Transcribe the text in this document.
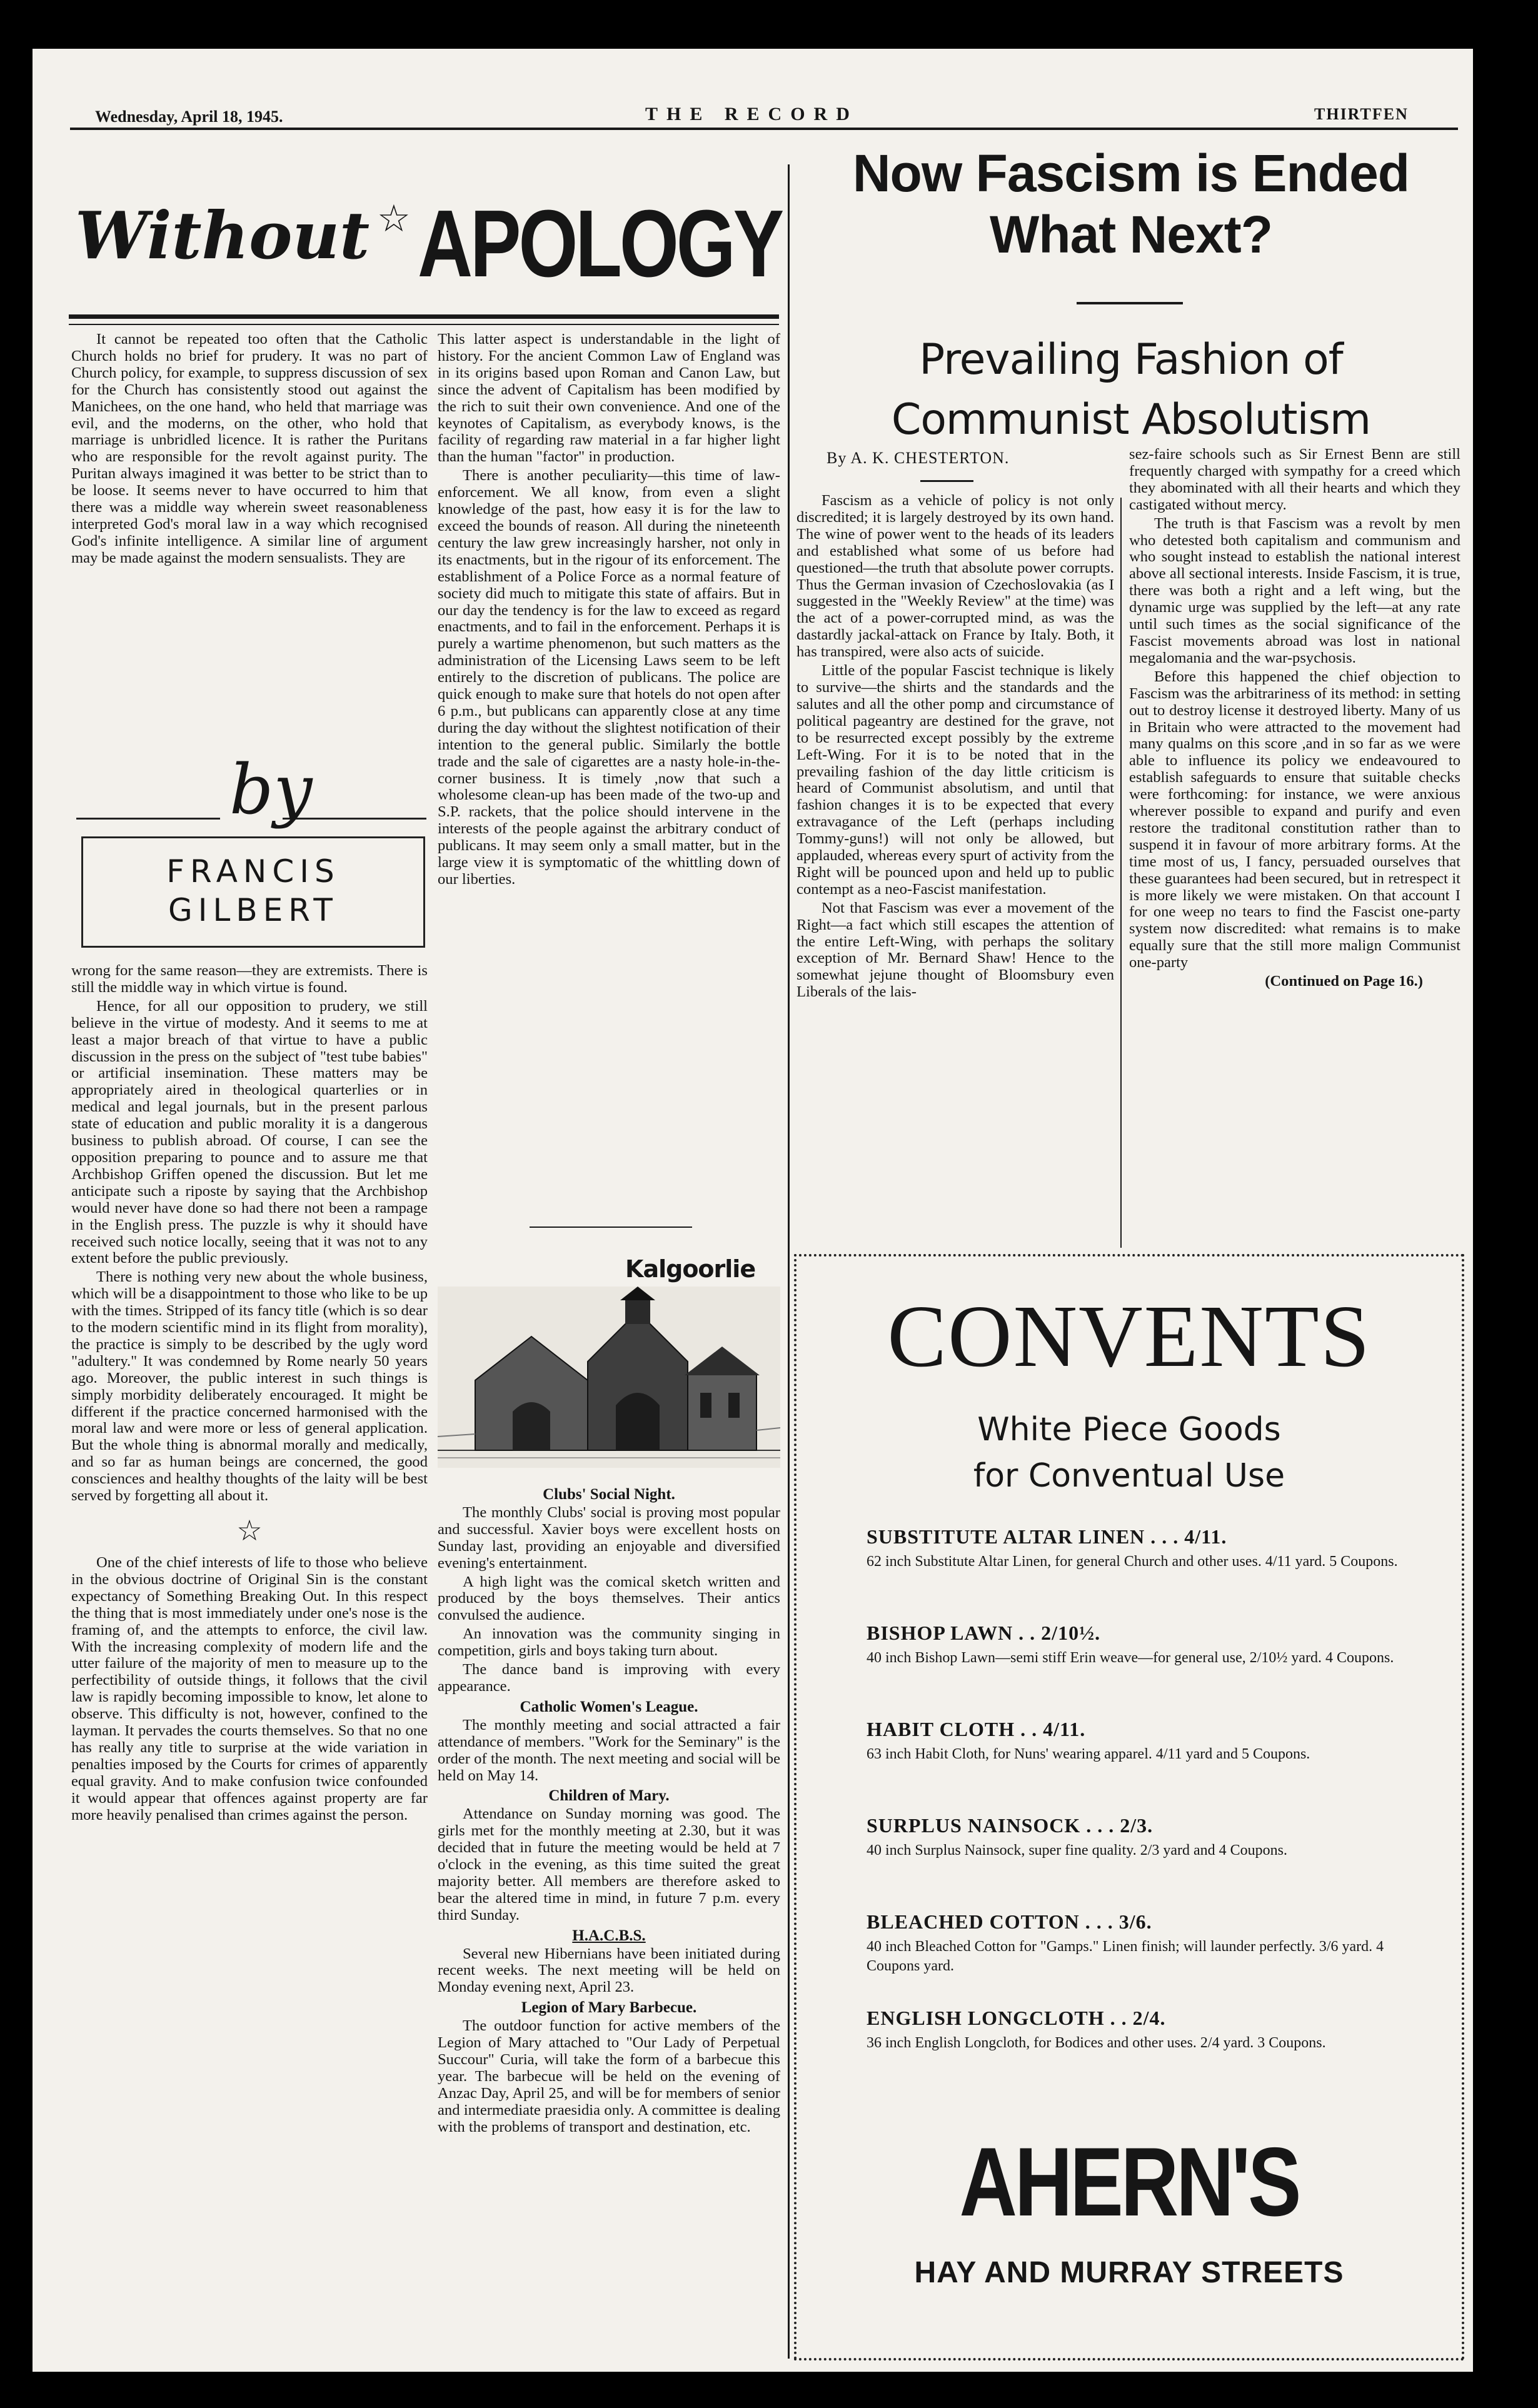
Wednesday, April 18, 1945.	THE RECORD	THIRTFEN
Without ☆ APOLOGY

It cannot be repeated too often that the Catholic Church holds no brief for prudery. It was no part of Church policy, for example, to suppress discussion of sex for the Church has consistently stood out against the Manichees, on the one hand, who held that marriage was evil, and the moderns, on the other, who hold that marriage is unbridled licence. It is rather the Puritans who are responsible for the revolt against purity. The Puritan always imagined it was better to be strict than to be loose. It seems never to have occurred to him that there was a middle way wherein sweet reasonableness interpreted God's moral law in a way which recognised God's infinite intelligence. A similar line of argument may be made against the modern sensualists. They are

by
FRANCIS
GILBERT

wrong for the same reason—they are extremists. There is still the middle way in which virtue is found.

Hence, for all our opposition to prudery, we still believe in the virtue of modesty. And it seems to me at least a major breach of that virtue to have a public discussion in the press on the subject of "test tube babies" or artificial insemination. These matters may be appropriately aired in theological quarterlies or in medical and legal journals, but in the present parlous state of education and public morality it is a dangerous business to publish abroad. Of course, I can see the opposition preparing to pounce and to assure me that Archbishop Griffen opened the discussion. But let me anticipate such a riposte by saying that the Archbishop would never have done so had there not been a rampage in the English press. The puzzle is why it should have received such notice locally, seeing that it was not to any extent before the public previously.

There is nothing very new about the whole business, which will be a disappointment to those who like to be up with the times. Stripped of its fancy title (which is so dear to the modern scientific mind in its flight from morality), the practice is simply to be described by the ugly word "adultery." It was condemned by Rome nearly 50 years ago. Moreover, the public interest in such things is simply morbidity deliberately encouraged. It might be different if the practice concerned harmonised with the moral law and were more or less of general application. But the whole thing is abnormal morally and medically, and so far as human beings are concerned, the good consciences and healthy thoughts of the laity will be best served by forgetting all about it.

☆

One of the chief interests of life to those who believe in the obvious doctrine of Original Sin is the constant expectancy of Something Breaking Out. In this respect the thing that is most immediately under one's nose is the framing of, and the attempts to enforce, the civil law. With the increasing complexity of modern life and the utter failure of the majority of men to measure up to the perfectibility of outside things, it follows that the civil law is rapidly becoming impossible to know, let alone to observe. This difficulty is not, however, confined to the layman. It pervades the courts themselves. So that no one has really any title to surprise at the wide variation in penalties imposed by the Courts for crimes of apparently equal gravity. And to make confusion twice confounded it would appear that offences against property are far more heavily penalised than crimes against the person.

This latter aspect is understandable in the light of history. For the ancient Common Law of England was in its origins based upon Roman and Canon Law, but since the advent of Capitalism has been modified by the rich to suit their own convenience. And one of the keynotes of Capitalism, as everybody knows, is the facility of regarding raw material in a far higher light than the human "factor" in production.

There is another peculiarity—this time of law-enforcement. We all know, from even a slight knowledge of the past, how easy it is for the law to exceed the bounds of reason. All during the nineteenth century the law grew increasingly harsher, not only in its enactments, but in the rigour of its enforcement. The establishment of a Police Force as a normal feature of society did much to mitigate this state of affairs. But in our day the tendency is for the law to exceed as regard enactments, and to fail in the enforcement. Perhaps it is purely a wartime phenomenon, but such matters as the administration of the Licensing Laws seem to be left entirely to the discretion of publicans. The police are quick enough to make sure that hotels do not open after 6 p.m., but publicans can apparently close at any time during the day without the slightest notification of their intention to the general public. Similarly the bottle trade and the sale of cigarettes are a nasty hole-in-the-corner business. It is timely ,now that such a wholesome clean-up has been made of the two-up and S.P. rackets, that the police should intervene in the interests of the people against the arbitrary conduct of publicans. It may seem only a small matter, but in the large view it is symptomatic of the whittling down of our liberties.

Kalgoorlie
Clubs' Social Night.

The monthly Clubs' social is proving most popular and successful. Xavier boys were excellent hosts on Sunday last, providing an enjoyable and diversified evening's entertainment.

A high light was the comical sketch written and produced by the boys themselves. Their antics convulsed the audience.

An innovation was the community singing in competition, girls and boys taking turn about.

The dance band is improving with every appearance.

Catholic Women's League.

The monthly meeting and social attracted a fair attendance of members. "Work for the Seminary" is the order of the month. The next meeting and social will be held on May 14.

Children of Mary.

Attendance on Sunday morning was good. The girls met for the monthly meeting at 2.30, but it was decided that in future the meeting would be held at 7 o'clock in the evening, as this time suited the great majority better. All members are therefore asked to bear the altered time in mind, in future 7 p.m. every third Sunday.

H.A.C.B.S.

Several new Hibernians have been initiated during recent weeks. The next meeting will be held on Monday evening next, April 23.

Legion of Mary Barbecue.

The outdoor function for active members of the Legion of Mary attached to "Our Lady of Perpetual Succour" Curia, will take the form of a barbecue this year. The barbecue will be held on the evening of Anzac Day, April 25, and will be for members of senior and intermediate praesidia only. A committee is dealing with the problems of transport and destination, etc.

Now Fascism is Ended
What Next?
Prevailing Fashion of
Communist Absolutism
By A. K. CHESTERTON.

Fascism as a vehicle of policy is not only discredited; it is largely destroyed by its own hand. The wine of power went to the heads of its leaders and established what some of us before had questioned—the truth that absolute power corrupts. Thus the German invasion of Czechoslovakia (as I suggested in the "Weekly Review" at the time) was the act of a power-corrupted mind, as was the dastardly jackal-attack on France by Italy. Both, it has transpired, were also acts of suicide.

Little of the popular Fascist technique is likely to survive—the shirts and the standards and the salutes and all the other pomp and circumstance of political pageantry are destined for the grave, not to be resurrected except possibly by the extreme Left-Wing. For it is to be noted that in the prevailing fashion of the day little criticism is heard of Communist absolutism, and until that fashion changes it is to be expected that every extravagance of the Left (perhaps including Tommy-guns!) will not only be allowed, but applauded, whereas every spurt of activity from the Right will be pounced upon and held up to public contempt as a neo-Fascist manifestation.

Not that Fascism was ever a movement of the Right—a fact which still escapes the attention of the entire Left-Wing, with perhaps the solitary exception of Mr. Bernard Shaw! Hence to the somewhat jejune thought of Bloomsbury even Liberals of the lais-

sez-faire schools such as Sir Ernest Benn are still frequently charged with sympathy for a creed which they abominated with all their hearts and which they castigated without mercy.

The truth is that Fascism was a revolt by men who detested both capitalism and communism and who sought instead to establish the national interest above all sectional interests. Inside Fascism, it is true, there was both a right and a left wing, but the dynamic urge was supplied by the left—at any rate until such times as the social significance of the Fascist movements abroad was lost in national megalomania and the war-psychosis.

Before this happened the chief objection to Fascism was the arbitrariness of its method: in setting out to destroy license it destroyed liberty. Many of us in Britain who were attracted to the movement had many qualms on this score ,and in so far as we were able to influence its policy we endeavoured to establish safeguards to ensure that suitable checks were forthcoming: for instance, we were anxious wherever possible to expand and purify and even restore the traditonal constitution rather than to suspend it in favour of more arbitrary forms. At the time most of us, I fancy, persuaded ourselves that these guarantees had been secured, but in retrespect it is more likely we were mistaken. On that account I for one weep no tears to find the Fascist one-party system now discredited: what remains is to make equally sure that the still more malign Communist one-party

(Continued on Page 16.)
CONVENTS
White Piece Goods
for Conventual Use
SUBSTITUTE ALTAR LINEN . . . 4/11.
62 inch Substitute Altar Linen, for general Church and other uses. 4/11 yard. 5 Coupons.
BISHOP LAWN . . 2/10½.
40 inch Bishop Lawn—semi stiff Erin weave—for general use, 2/10½ yard. 4 Coupons.
HABIT CLOTH . . 4/11.
63 inch Habit Cloth, for Nuns' wearing apparel. 4/11 yard and 5 Coupons.
SURPLUS NAINSOCK . . . 2/3.
40 inch Surplus Nainsock, super fine quality. 2/3 yard and 4 Coupons.
BLEACHED COTTON . . . 3/6.
40 inch Bleached Cotton for "Gamps." Linen finish; will launder perfectly. 3/6 yard. 4 Coupons yard.
ENGLISH LONGCLOTH . . 2/4.
36 inch English Longcloth, for Bodices and other uses. 2/4 yard. 3 Coupons.
AHERN'S
HAY AND MURRAY STREETS
